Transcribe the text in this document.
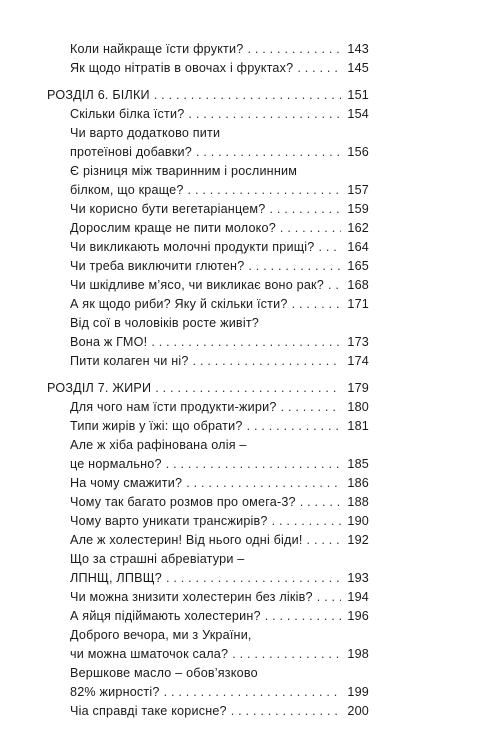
Коли найкраще їсти фрукти? . . .	143
Як щодо нітратів в овочах і фруктах? . . .	145
РОЗДІЛ 6. БІЛКИ . . .	151
Скільки білка їсти? . . .	154
Чи варто додатково пити
протеїнові добавки? . . .	156
Є різниця між тваринним і рослинним
білком, що краще? . . .	157
Чи корисно бути вегетаріанцем? . . .	159
Дорослим краще не пити молоко? . . .	162
Чи викликають молочні продукти прищі? . . .	164
Чи треба виключити глютен? . . .	165
Чи шкідливе м’ясо, чи викликає воно рак? . . . 168
А як щодо риби? Яку й скільки їсти? . . .	171
Від сої в чоловіків росте живіт?
Вона ж ГМО! . . .	173
Пити колаген чи ні? . . .	174
РОЗДІЛ 7. ЖИРИ . . .	179
Для чого нам їсти продукти-жири? . . .	180
Типи жирів у їжі: що обрати? . . .	181
Але ж хіба рафінована олія –
це нормально? . . .	185
На чому смажити? . . .	186
Чому так багато розмов про омега-3? . . .	188
Чому варто уникати трансжирів? . . .	190
Але ж холестерин! Від нього одні біди! . . .	192
Що за страшні абревіатури –
ЛПНЩ, ЛПВЩ? . . .	193
Чи можна знизити холестерин без ліків? . . .	194
А яйця підіймають холестерин? . . .	196
Доброго вечора, ми з України,
чи можна шматочок сала? . . .	198
Вершкове масло – обов’язково
82% жирності? . . .	199
Чіа справді таке корисне? . . .	200
